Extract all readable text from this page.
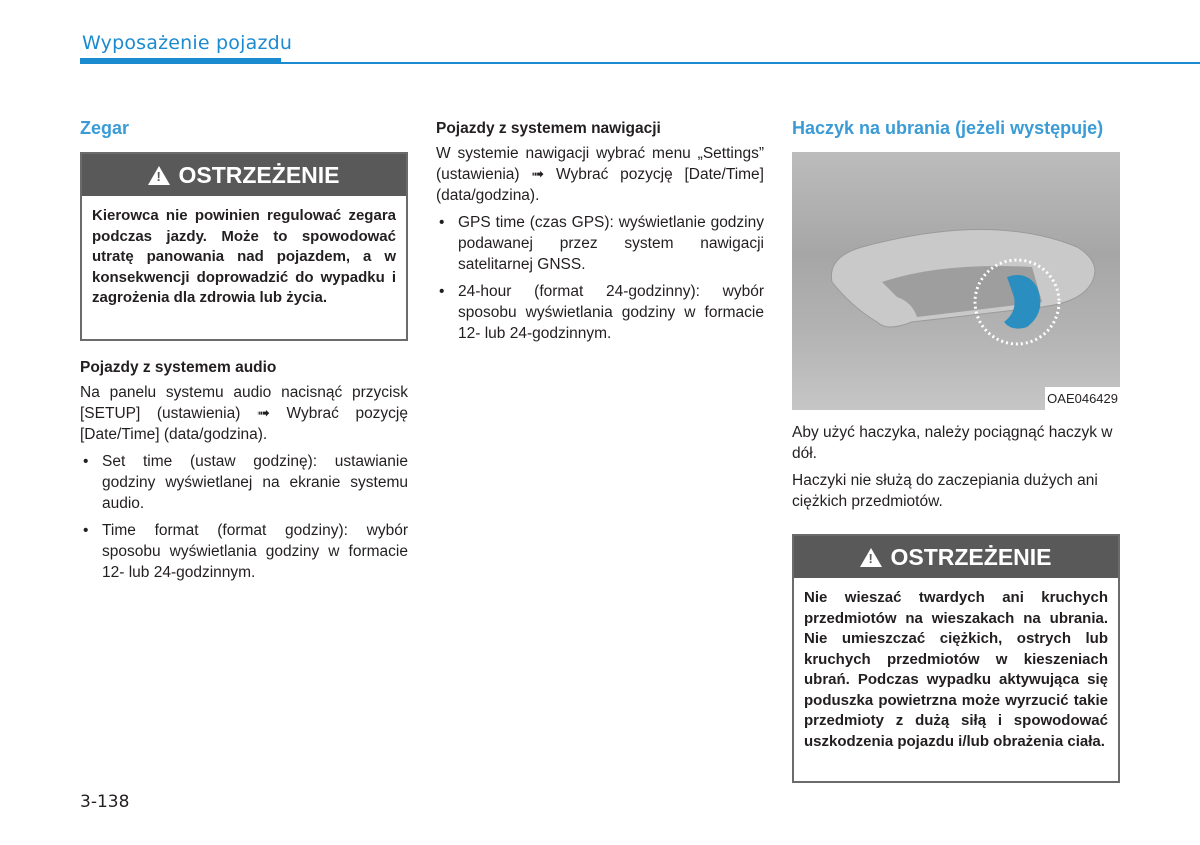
Wyposażenie pojazdu
Zegar
! OSTRZEŻENIE
Kierowca nie powinien regulować zegara podczas jazdy. Może to spowodować utratę panowania nad pojazdem, a w konsekwencji doprowadzić do wypadku i zagrożenia dla zdrowia lub życia.
Pojazdy z systemem audio

Na panelu systemu audio nacisnąć przycisk [SETUP] (ustawienia) ➟ Wybrać pozycję [Date/Time] (data/godzina).

• Set time (ustaw godzinę): ustawianie godziny wyświetlanej na ekranie systemu audio.
• Time format (format godziny): wybór sposobu wyświetlania godziny w formacie 12- lub 24-godzinnym.
Pojazdy z systemem nawigacji

W systemie nawigacji wybrać menu „Settings” (ustawienia) ➟ Wybrać pozycję [Date/Time] (data/godzina).

• GPS time (czas GPS): wyświetlanie godziny podawanej przez system nawigacji satelitarnej GNSS.
• 24-hour (format 24-godzinny): wybór sposobu wyświetlania godziny w formacie 12- lub 24-godzinnym.
Haczyk na ubrania (jeżeli występuje)
OAE046429

Aby użyć haczyka, należy pociągnąć haczyk w dół.

Haczyki nie służą do zaczepiania dużych ani ciężkich przedmiotów.

! OSTRZEŻENIE
Nie wieszać twardych ani kruchych przedmiotów na wieszakach na ubrania. Nie umieszczać ciężkich, ostrych lub kruchych przedmiotów w kieszeniach ubrań. Podczas wypadku aktywująca się poduszka powietrzna może wyrzucić takie przedmioty z dużą siłą i spowodować uszkodzenia pojazdu i/lub obrażenia ciała.
3-138
